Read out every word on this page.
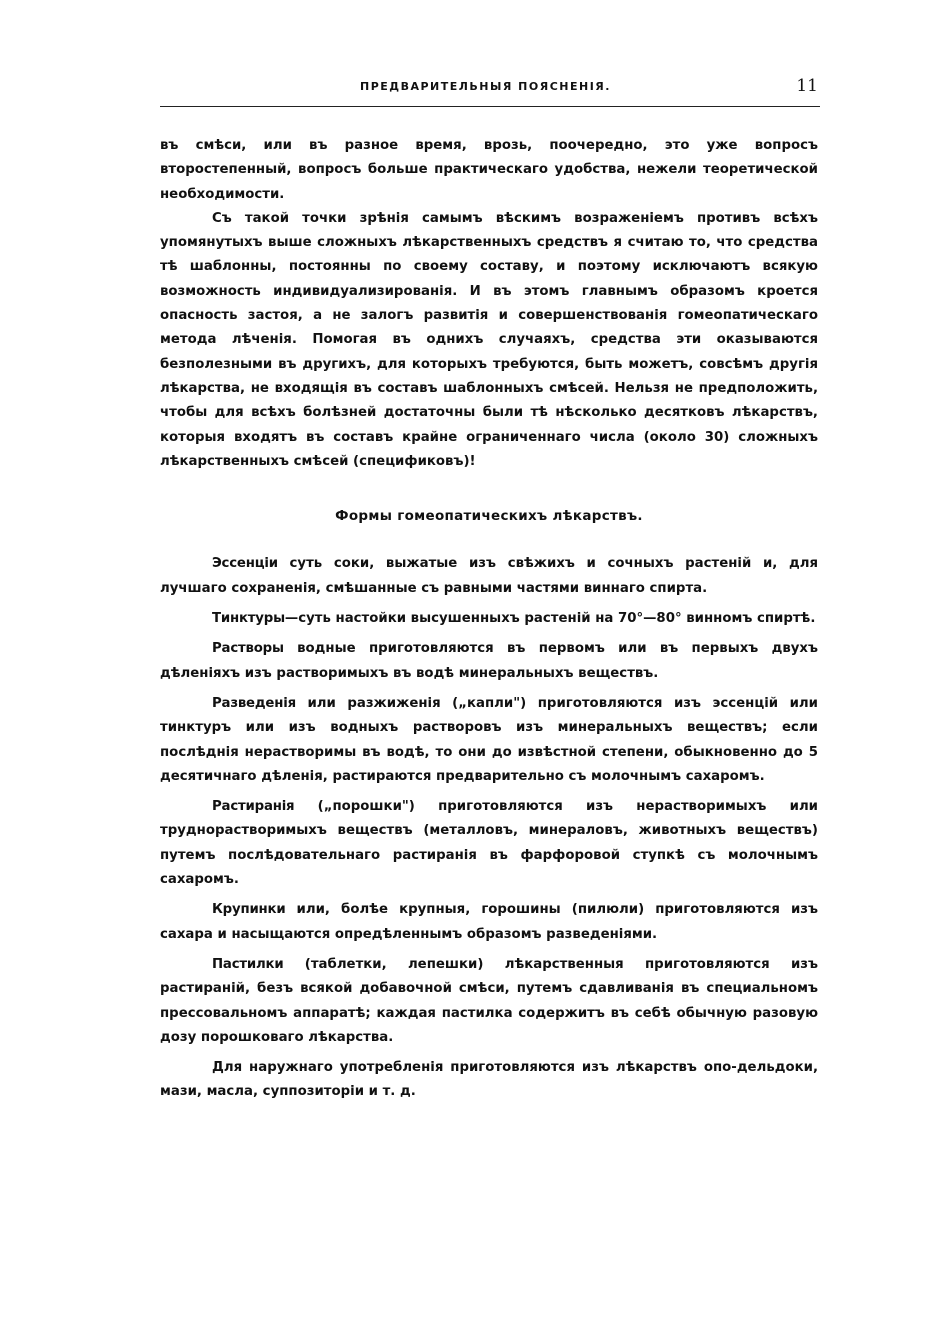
ПРЕДВАРИТЕЛЬНЫЯ ПОЯСНЕНІЯ.	11

въ смѣси, или въ разное время, врозь, поочередно, это уже вопросъ второстепенный, вопросъ больше практическаго удобства, нежели теоретической необходимости.

Съ такой точки зрѣнія самымъ вѣскимъ возраженіемъ противъ всѣхъ упомянутыхъ выше сложныхъ лѣкарственныхъ средствъ я считаю то, что средства тѣ шаблонны, постоянны по своему составу, и поэтому исключаютъ всякую возможность индивидуализированія. И въ этомъ главнымъ образомъ кроется опасность застоя, а не залогъ развитія и совершенствованія гомеопатическаго метода лѣченія. Помогая въ однихъ случаяхъ, средства эти оказываются безполезными въ другихъ, для которыхъ требуются, быть можетъ, совсѣмъ другія лѣкарства, не входящія въ составъ шаблонныхъ смѣсей. Нельзя не предположить, чтобы для всѣхъ болѣзней достаточны были тѣ нѣсколько десятковъ лѣкарствъ, которыя входятъ въ составъ крайне ограниченнаго числа (около 30) сложныхъ лѣкарственныхъ смѣсей (спецификовъ)!

Формы гомеопатическихъ лѣкарствъ.

Эссенціи суть соки, выжатые изъ свѣжихъ и сочныхъ растеній и, для лучшаго сохраненія, смѣшанные съ равными частями виннаго спирта.

Тинктуры—суть настойки высушенныхъ растеній на 70°—80° винномъ спиртѣ.

Растворы водные приготовляются въ первомъ или въ первыхъ двухъ дѣленіяхъ изъ растворимыхъ въ водѣ минеральныхъ веществъ.

Разведенія или разжиженія („капли") приготовляются изъ эссенцій или тинктуръ или изъ водныхъ растворовъ изъ минеральныхъ веществъ; если послѣднія нерастворимы въ водѣ, то они до извѣстной степени, обыкновенно до 5 десятичнаго дѣленія, растираются предварительно съ молочнымъ сахаромъ.

Растиранія („порошки") приготовляются изъ нерастворимыхъ или труднорастворимыхъ веществъ (металловъ, минераловъ, животныхъ веществъ) путемъ послѣдовательнаго растиранія въ фарфоровой ступкѣ съ молочнымъ сахаромъ.

Крупинки или, болѣе крупныя, горошины (пилюли) приготовляются изъ сахара и насыщаются опредѣленнымъ образомъ разведеніями.

Пастилки (таблетки, лепешки) лѣкарственныя приготовляются изъ растираній, безъ всякой добавочной смѣси, путемъ сдавливанія въ специальномъ прессовальномъ аппаратѣ; каждая пастилка содержитъ въ себѣ обычную разовую дозу порошковаго лѣкарства.

Для наружнаго употребленія приготовляются изъ лѣкарствъ опо-дельдоки, мази, масла, суппозиторіи и т. д.
